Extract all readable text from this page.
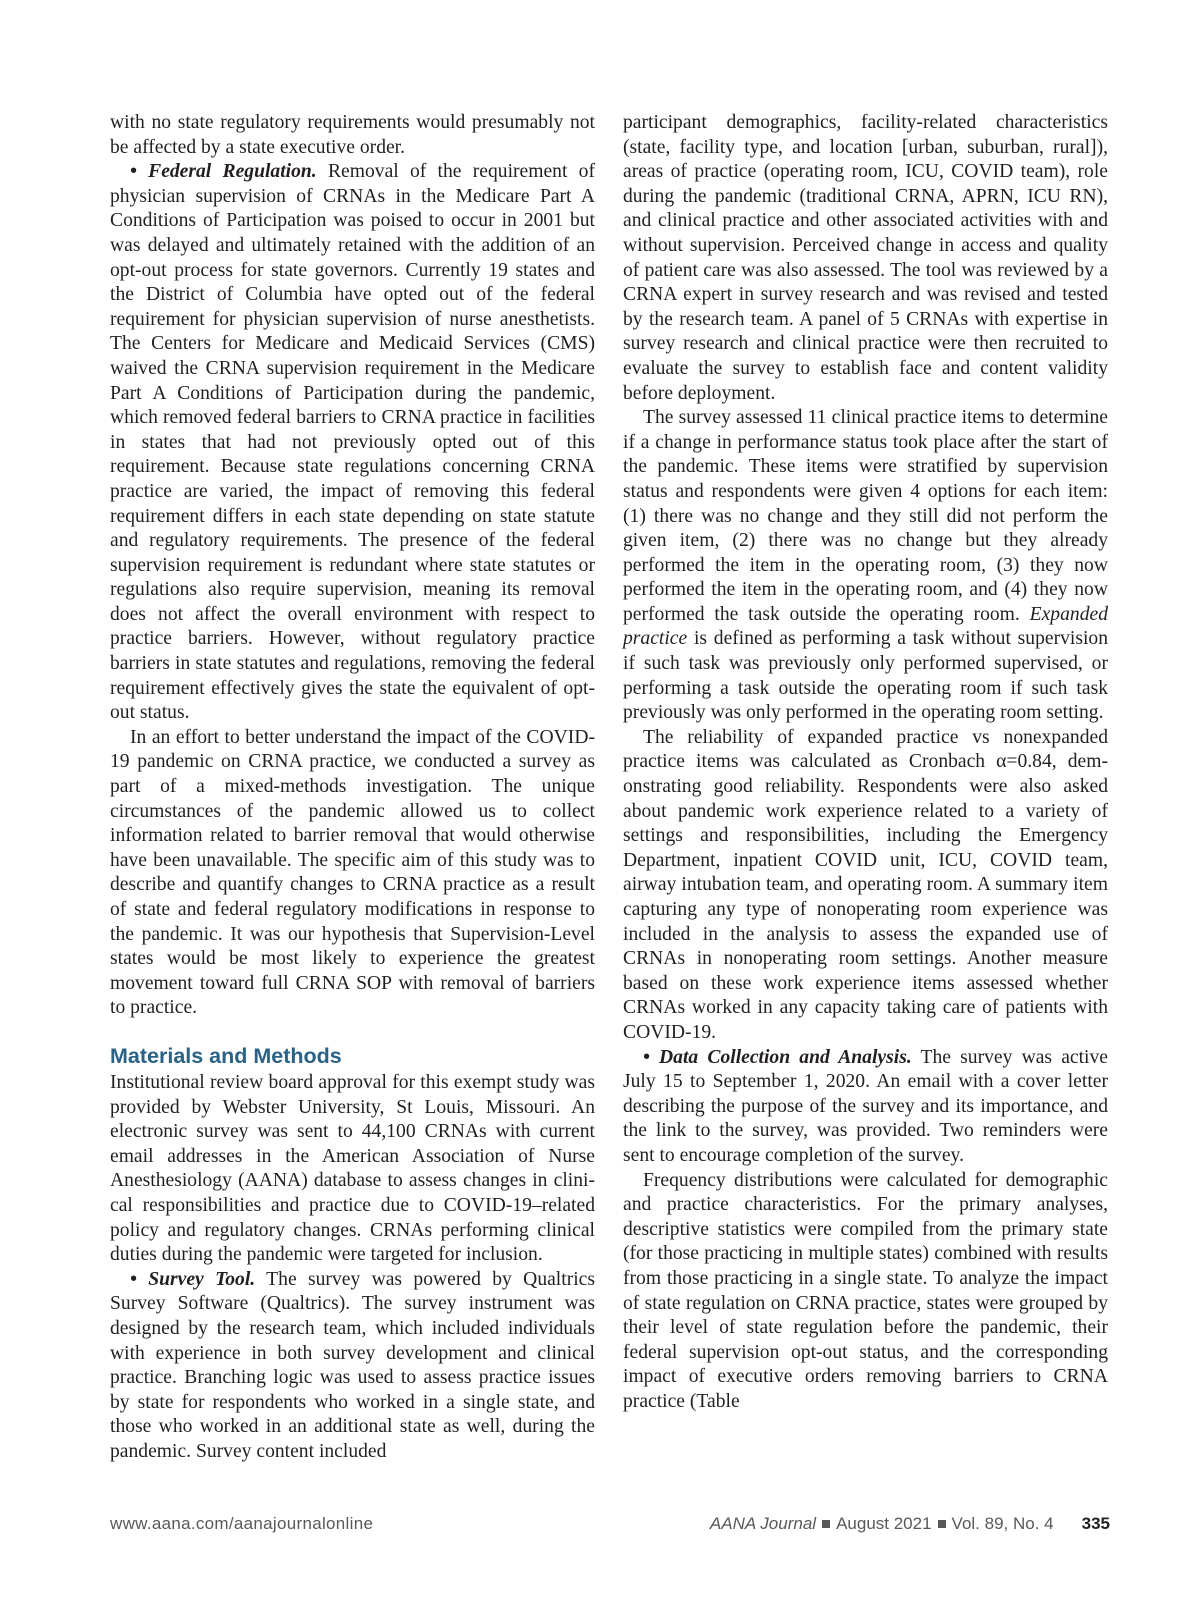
with no state regulatory requirements would presumably not be affected by a state executive order.

• Federal Regulation. Removal of the requirement of physician supervision of CRNAs in the Medicare Part A Conditions of Participation was poised to occur in 2001 but was delayed and ultimately retained with the addition of an opt-out process for state governors. Currently 19 states and the District of Columbia have opted out of the federal requirement for physician supervision of nurse anesthetists. The Centers for Medicare and Medicaid Services (CMS) waived the CRNA supervision requirement in the Medicare Part A Conditions of Participation during the pandemic, which removed federal barriers to CRNA practice in facilities in states that had not previously opted out of this requirement. Because state regulations concerning CRNA practice are varied, the impact of removing this federal requirement differs in each state depending on state statute and regulatory requirements. The presence of the federal supervision requirement is redundant where state statutes or regulations also require supervision, meaning its removal does not affect the overall environment with respect to practice barriers. However, without regulatory practice barriers in state statutes and regulations, removing the federal requirement effectively gives the state the equivalent of opt-out status.

In an effort to better understand the impact of the COVID-19 pandemic on CRNA practice, we conducted a survey as part of a mixed-methods investigation. The unique circumstances of the pandemic allowed us to collect information related to barrier removal that would otherwise have been unavailable. The specific aim of this study was to describe and quantify changes to CRNA practice as a result of state and federal regulatory modifications in response to the pandemic. It was our hypothesis that Supervision-Level states would be most likely to experience the greatest movement toward full CRNA SOP with removal of barriers to practice.

Materials and Methods

Institutional review board approval for this exempt study was provided by Webster University, St Louis, Missouri. An electronic survey was sent to 44,100 CRNAs with current email addresses in the American Association of Nurse Anesthesiology (AANA) database to assess changes in clinical responsibilities and practice due to COVID-19–related policy and regulatory changes. CRNAs performing clinical duties during the pandemic were targeted for inclusion.

• Survey Tool. The survey was powered by Qualtrics Survey Software (Qualtrics). The survey instrument was designed by the research team, which included individuals with experience in both survey development and clinical practice. Branching logic was used to assess practice issues by state for respondents who worked in a single state, and those who worked in an additional state as well, during the pandemic. Survey content included

participant demographics, facility-related characteristics (state, facility type, and location [urban, suburban, rural]), areas of practice (operating room, ICU, COVID team), role during the pandemic (traditional CRNA, APRN, ICU RN), and clinical practice and other associated activities with and without supervision. Perceived change in access and quality of patient care was also assessed. The tool was reviewed by a CRNA expert in survey research and was revised and tested by the research team. A panel of 5 CRNAs with expertise in survey research and clinical practice were then recruited to evaluate the survey to establish face and content validity before deployment.

The survey assessed 11 clinical practice items to determine if a change in performance status took place after the start of the pandemic. These items were stratified by supervision status and respondents were given 4 options for each item: (1) there was no change and they still did not perform the given item, (2) there was no change but they already performed the item in the operating room, (3) they now performed the item in the operating room, and (4) they now performed the task outside the operating room. Expanded practice is defined as performing a task without supervision if such task was previously only performed supervised, or performing a task outside the operating room if such task previously was only performed in the operating room setting.

The reliability of expanded practice vs nonexpanded practice items was calculated as Cronbach α=0.84, demonstrating good reliability. Respondents were also asked about pandemic work experience related to a variety of settings and responsibilities, including the Emergency Department, inpatient COVID unit, ICU, COVID team, airway intubation team, and operating room. A summary item capturing any type of nonoperating room experience was included in the analysis to assess the expanded use of CRNAs in nonoperating room settings. Another measure based on these work experience items assessed whether CRNAs worked in any capacity taking care of patients with COVID-19.

• Data Collection and Analysis. The survey was active July 15 to September 1, 2020. An email with a cover letter describing the purpose of the survey and its importance, and the link to the survey, was provided. Two reminders were sent to encourage completion of the survey.

Frequency distributions were calculated for demographic and practice characteristics. For the primary analyses, descriptive statistics were compiled from the primary state (for those practicing in multiple states) combined with results from those practicing in a single state. To analyze the impact of state regulation on CRNA practice, states were grouped by their level of state regulation before the pandemic, their federal supervision opt-out status, and the corresponding impact of executive orders removing barriers to CRNA practice (Table

www.aana.com/aanajournalonline	AANA Journal August 2021 Vol. 89, No. 4 335
